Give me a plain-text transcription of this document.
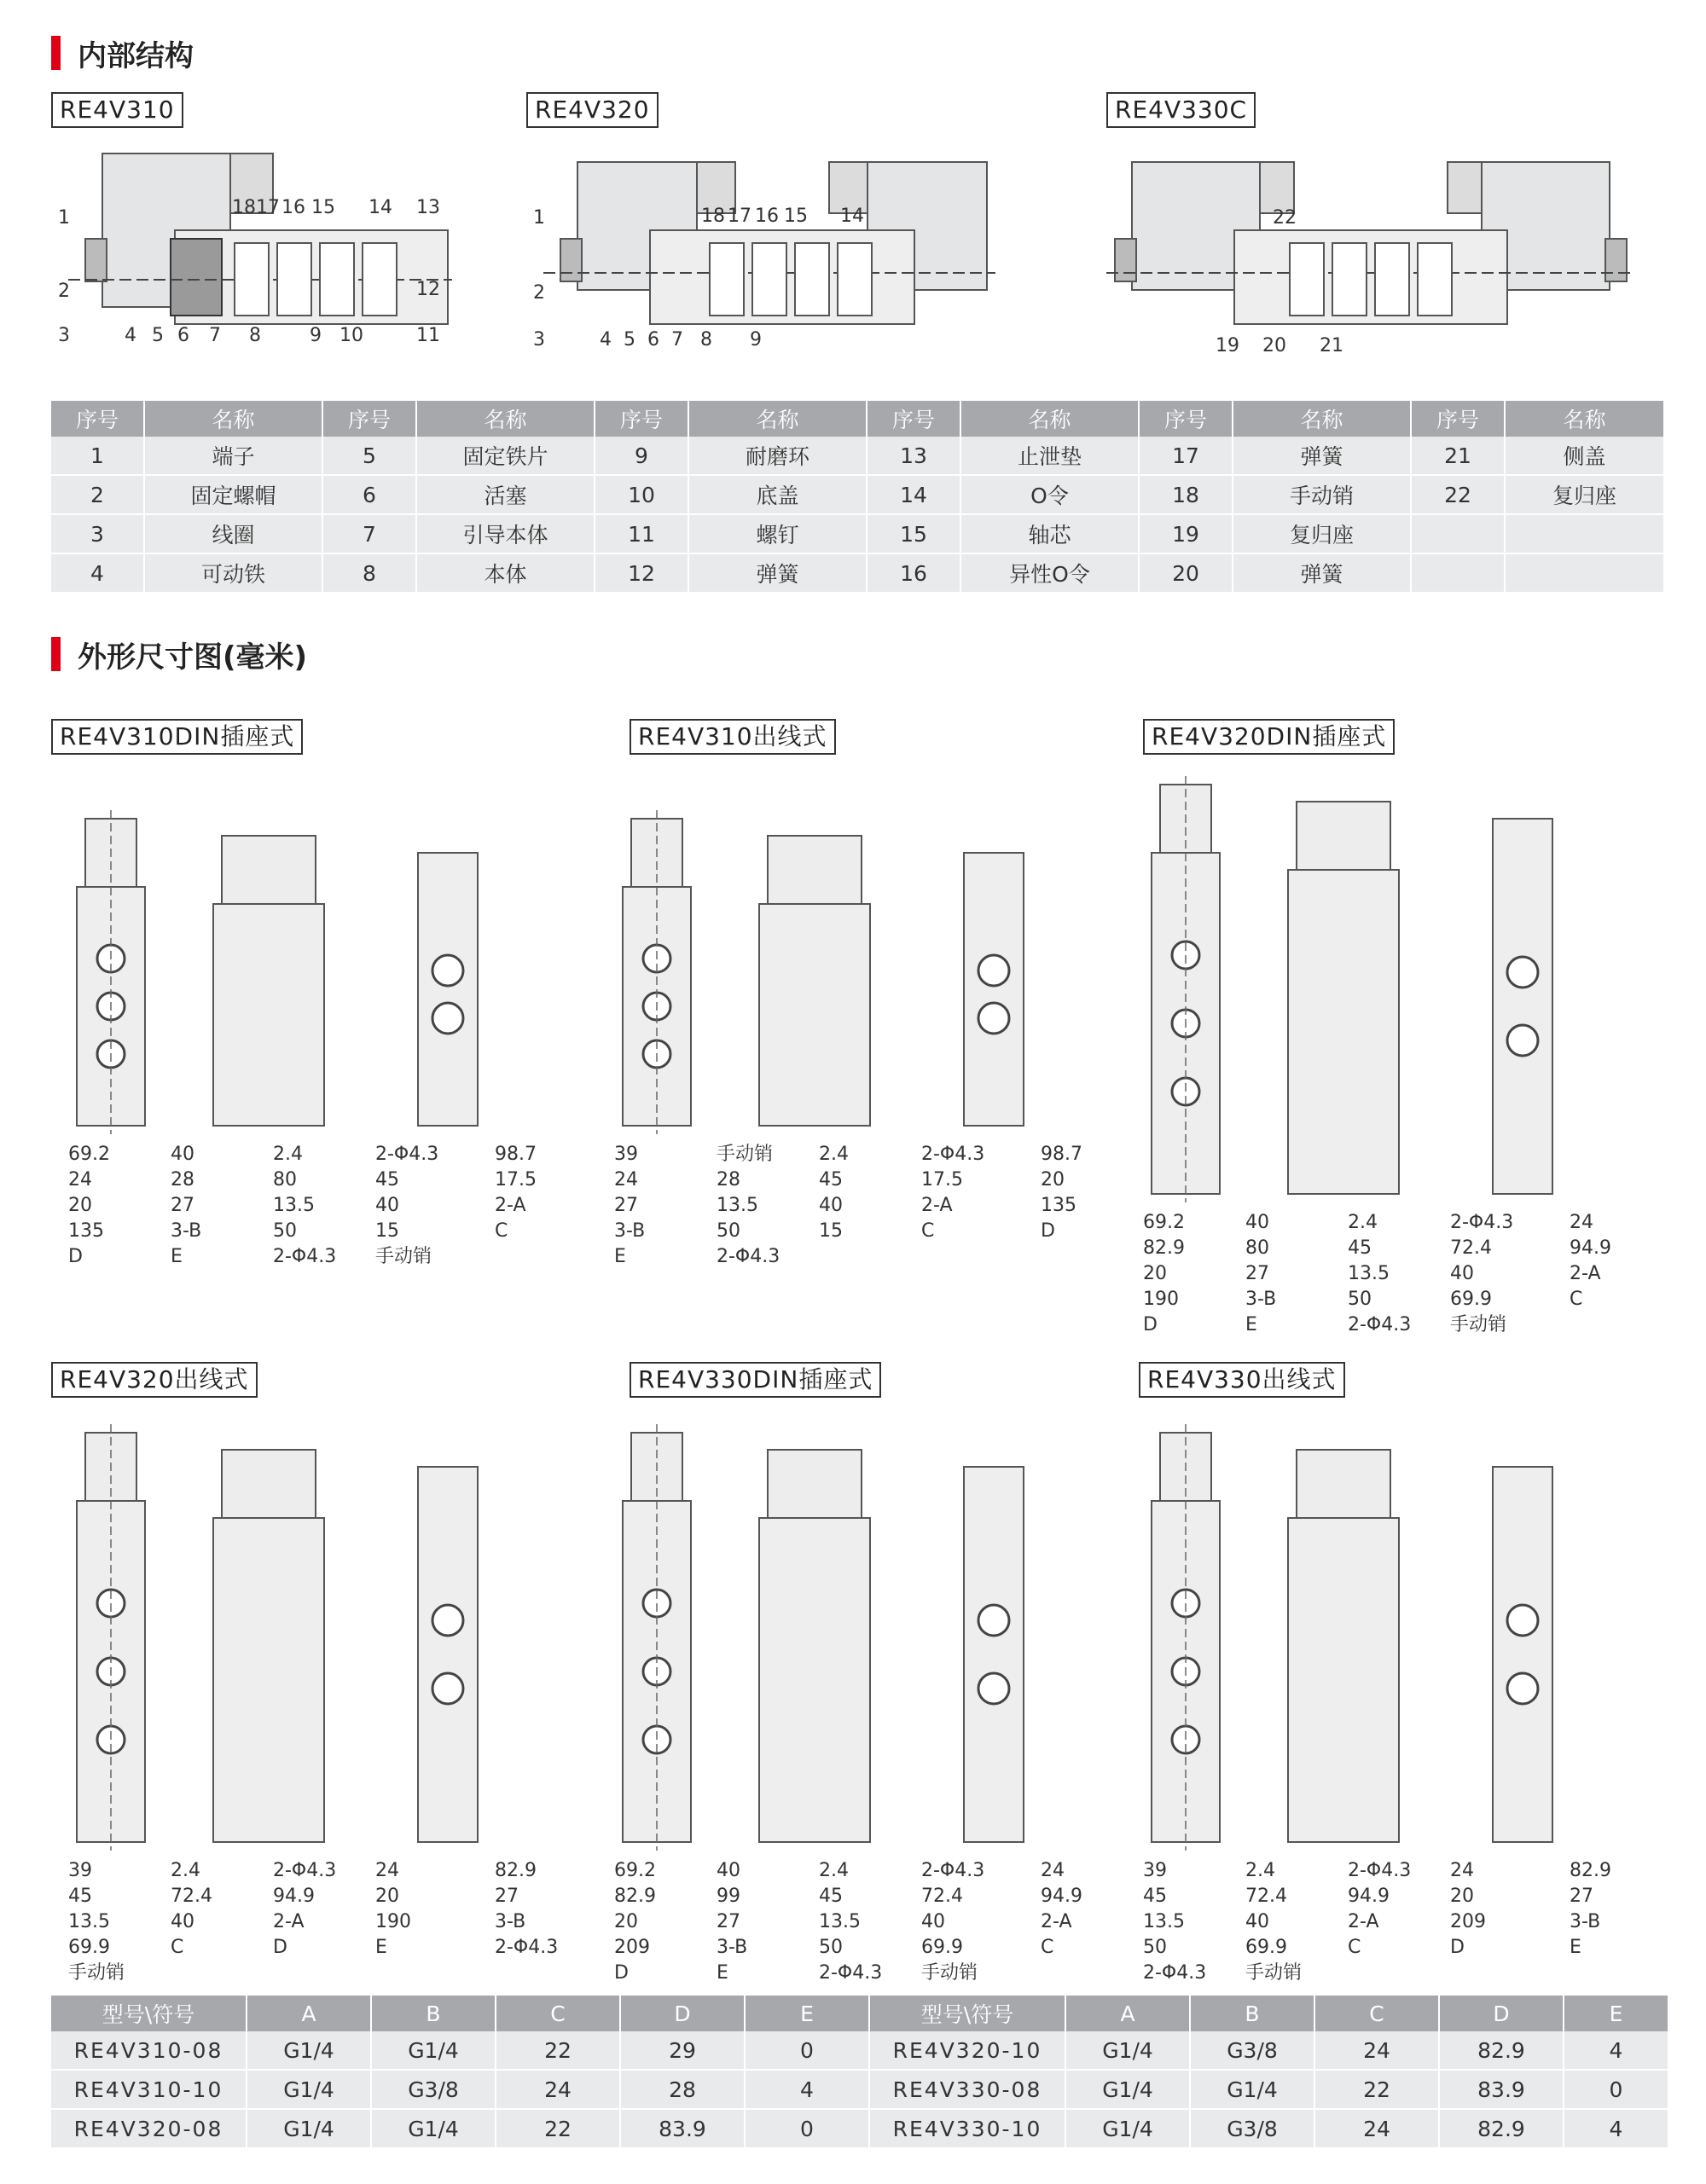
内部结构
RE4V310	RE4V320	RE4V330C
1
2
3	4 5 6 7 8	9 10	11
12
13
14
15
16
17
18	1
2
3	4 5 6 7 8 9
14
15
16
17
18
19 20 21
22
序号	名称	序号	名称	序号	名称	序号	名称	序号	名称	序号	名称
1	端子	5	固定铁片	9	耐磨环	13	止泄垫	17	弹簧	21	侧盖
2	固定螺帽	6	活塞	10	底盖	14	O令	18	手动销	22	复归座
3	线圈	7	引导本体	11	螺钉	15	轴芯	19	复归座		
4	可动铁	8	本体	12	弹簧	16	异性O令	20	弹簧		
外形尺寸图(毫米)
RE4V310DIN插座式	RE4V310出线式	RE4V320DIN插座式
RE4V320出线式	RE4V330DIN插座式	RE4V330出线式
69.2	40	2.4	2-Φ4.3	98.7
24	28	80	45	17.5
20	27	13.5	40	2-A
135	3-B	50	15	C
D	E	2-Φ4.3 手动销
39	手动销 2.4	2-Φ4.3	98.7
24	28	45	17.5	20
27	13.5	40	2-A	135
3-B	50	15	C	D
E	2-Φ4.3
69.2	40	2.4	2-Φ4.3	24
82.9	80	45	72.4	94.9
20	27	13.5	40	2-A
190	3-B	50	69.9	C
D	E	2-Φ4.3 手动销
39	2.4	2-Φ4.3 24	82.9
45	72.4	94.9	20	27
13.5	40	2-A	190	3-B
69.9	C	D	E	2-Φ4.3
手动销
69.2	40	2.4	2-Φ4.3	24
82.9	99	45	72.4	94.9
20	27	13.5	40	2-A
209	3-B	50	69.9	C
D	E	2-Φ4.3 手动销
39	2.4	2-Φ4.3 24	82.9
45	72.4	94.9	20	27
13.5	40	2-A	209	3-B
50	69.9	C	D	E
2-Φ4.3 手动销
型号\符号	A	B	C	D	E	型号\符号	A	B	C	D	E
RE4V310-08	G1/4	G1/4	22	29	0	RE4V320-10	G1/4	G3/8	24	82.9	4
RE4V310-10	G1/4	G3/8	24	28	4	RE4V330-08	G1/4	G1/4	22	83.9	0
RE4V320-08	G1/4	G1/4	22	83.9	0	RE4V330-10	G1/4	G3/8	24	82.9	4
